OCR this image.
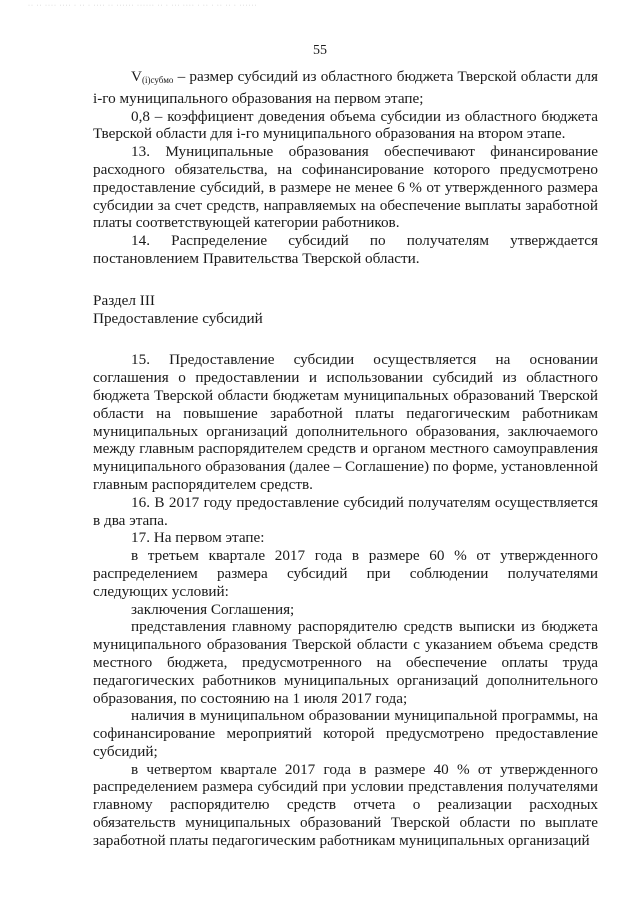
·· ·· ···· ···· · ·· · ···· ·· ······ ······ ·· · ··· ···· · ·· · ·· ·· · ······
55

$V_{(i)субмо}$ – размер субсидий из областного бюджета Тверской области для i-го муниципального образования на первом этапе;

0,8 – коэффициент доведения объема субсидии из областного бюджета Тверской области для i-го муниципального образования на втором этапе.

13. Муниципальные образования обеспечивают финансирование расходного обязательства, на софинансирование которого предусмотрено предоставление субсидий, в размере не менее 6 % от утвержденного размера субсидии за счет средств, направляемых на обеспечение выплаты заработной платы соответствующей категории работников.

14. Распределение субсидий по получателям утверждается постановлением Правительства Тверской области.

Раздел III

Предоставление субсидий

15. Предоставление субсидии осуществляется на основании соглашения о предоставлении и использовании субсидий из областного бюджета Тверской области бюджетам муниципальных образований Тверской области на повышение заработной платы педагогическим работникам муниципальных организаций дополнительного образования, заключаемого между главным распорядителем средств и органом местного самоуправления муниципального образования (далее – Соглашение) по форме, установленной главным распорядителем средств.

16. В 2017 году предоставление субсидий получателям осуществляется в два этапа.

17. На первом этапе:

в третьем квартале 2017 года в размере 60 % от утвержденного распределением размера субсидий при соблюдении получателями следующих условий:

заключения Соглашения;

представления главному распорядителю средств выписки из бюджета муниципального образования Тверской области с указанием объема средств местного бюджета, предусмотренного на обеспечение оплаты труда педагогических работников муниципальных организаций дополнительного образования, по состоянию на 1 июля 2017 года;

наличия в муниципальном образовании муниципальной программы, на софинансирование мероприятий которой предусмотрено предоставление субсидий;

в четвертом квартале 2017 года в размере 40 % от утвержденного распределением размера субсидий при условии представления получателями главному распорядителю средств отчета о реализации расходных обязательств муниципальных образований Тверской области по выплате заработной платы педагогическим работникам муниципальных организаций
